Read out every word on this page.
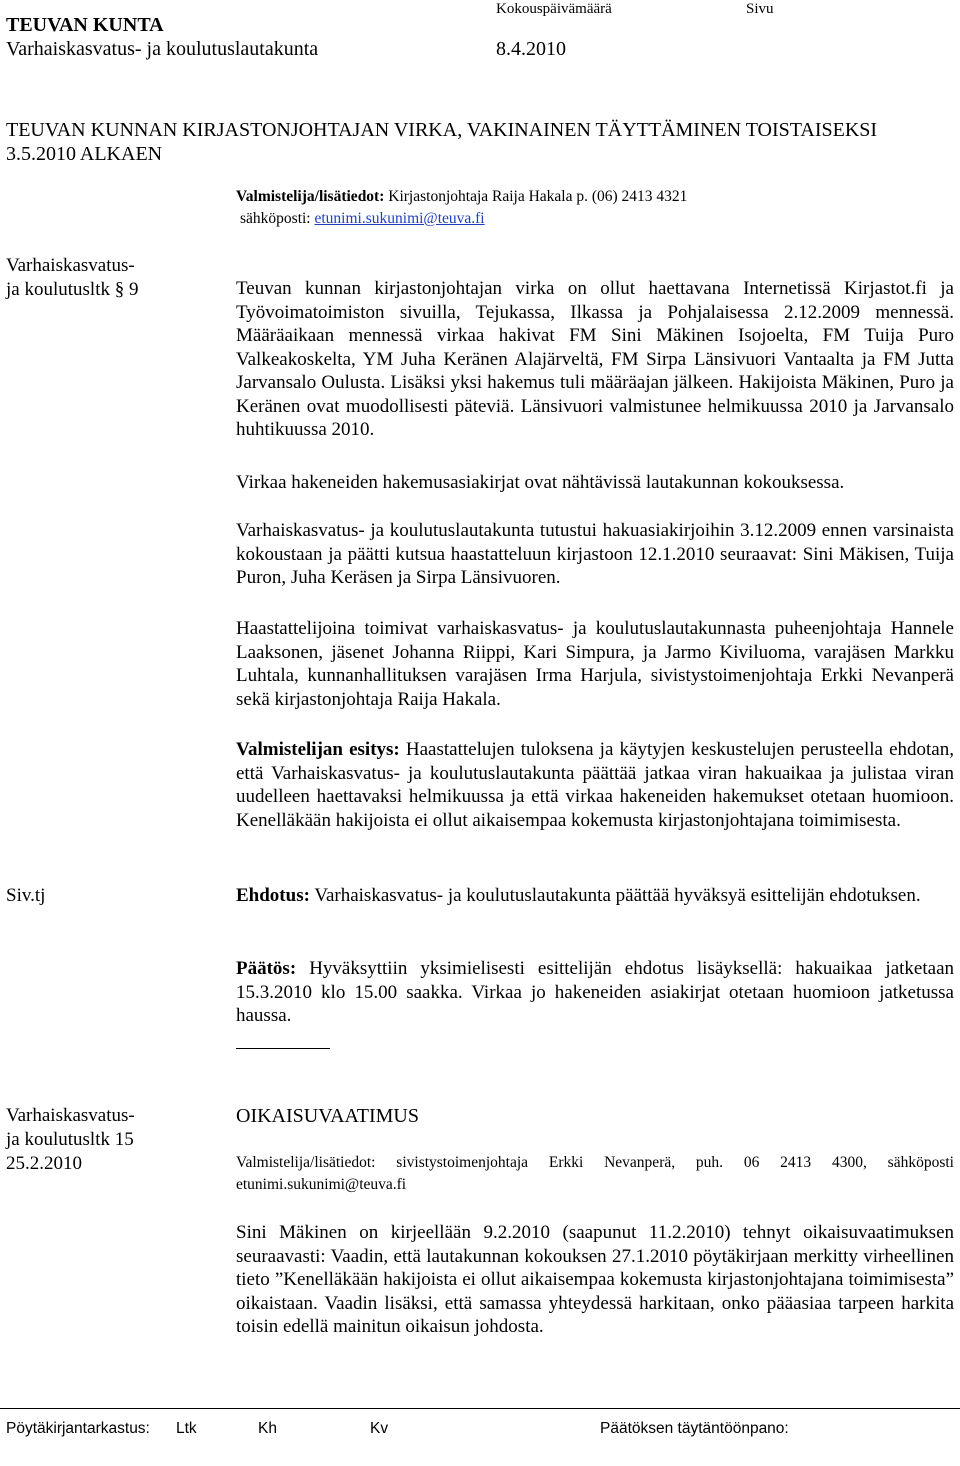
TEUVAN KUNTA
Varhaiskasvatus- ja koulutuslautakunta
Kokouspäivämäärä	Sivu
8.4.2010
TEUVAN KUNNAN KIRJASTONJOHTAJAN VIRKA, VAKINAINEN TÄYTTÄMINEN TOISTAISEKSI
3.5.2010 ALKAEN
Valmistelija/lisätiedot: Kirjastonjohtaja Raija Hakala p. (06) 2413 4321
sähköposti: etunimi.sukunimi@teuva.fi
Varhaiskasvatus-
ja koulutusltk § 9
Siv.tj
Teuvan kunnan kirjastonjohtajan virka on ollut haettavana Internetissä Kirjastot.fi ja Työvoimatoimiston sivuilla, Tejukassa, Ilkassa ja Pohjalaisessa 2.12.2009 mennessä. Määräaikaan mennessä virkaa hakivat FM Sini Mäkinen Isojoelta, FM Tuija Puro Valkeakoskelta, YM Juha Keränen Alajärveltä, FM Sirpa Länsivuori Vantaalta ja FM Jutta Jarvansalo Oulusta. Lisäksi yksi hakemus tuli määräajan jälkeen. Hakijoista Mäkinen, Puro ja Keränen ovat muodollisesti päteviä. Länsivuori valmistunee helmikuussa 2010 ja Jarvansalo huhtikuussa 2010.
Virkaa hakeneiden hakemusasiakirjat ovat nähtävissä lautakunnan kokouksessa.
Varhaiskasvatus- ja koulutuslautakunta tutustui hakuasiakirjoihin 3.12.2009 ennen varsinaista kokoustaan ja päätti kutsua haastatteluun kirjastoon 12.1.2010 seuraavat: Sini Mäkisen, Tuija Puron, Juha Keräsen ja Sirpa Länsivuoren.
Haastattelijoina toimivat varhaiskasvatus- ja koulutuslautakunnasta puheenjohtaja Hannele Laaksonen, jäsenet Johanna Riippi, Kari Simpura, ja Jarmo Kiviluoma, varajäsen Markku Luhtala, kunnanhallituksen varajäsen Irma Harjula, sivistystoimenjohtaja Erkki Nevanperä sekä kirjastonjohtaja Raija Hakala.
Valmistelijan esitys: Haastattelujen tuloksena ja käytyjen keskustelujen perusteella ehdotan, että Varhaiskasvatus- ja koulutuslautakunta päättää jatkaa viran hakuaikaa ja julistaa viran uudelleen haettavaksi helmikuussa ja että virkaa hakeneiden hakemukset otetaan huomioon. Kenelläkään hakijoista ei ollut aikaisempaa kokemusta kirjastonjohtajana toimimisesta.
Ehdotus: Varhaiskasvatus- ja koulutuslautakunta päättää hyväksyä esittelijän ehdotuksen.
Päätös: Hyväksyttiin yksimielisesti esittelijän ehdotus lisäyksellä: hakuaikaa jatketaan 15.3.2010 klo 15.00 saakka. Virkaa jo hakeneiden asiakirjat otetaan huomioon jatketussa haussa.
Varhaiskasvatus-
ja koulutusltk 15
25.2.2010
OIKAISUVAATIMUS
Valmistelija/lisätiedot: sivistystoimenjohtaja Erkki Nevanperä, puh. 06 2413 4300, sähköposti
etunimi.sukunimi@teuva.fi
Sini Mäkinen on kirjeellään 9.2.2010 (saapunut 11.2.2010) tehnyt oikaisuvaatimuksen seuraavasti: Vaadin, että lautakunnan kokouksen 27.1.2010 pöytäkirjaan merkitty virheellinen tieto ”Kenelläkään hakijoista ei ollut aikaisempaa kokemusta kirjastonjohtajana toimimisesta” oikaistaan. Vaadin lisäksi, että samassa yhteydessä harkitaan, onko pääasiaa tarpeen harkita toisin edellä mainitun oikaisun johdosta.
Pöytäkirjantarkastus: Ltk	Kh	Kv	Päätöksen täytäntöönpano:
